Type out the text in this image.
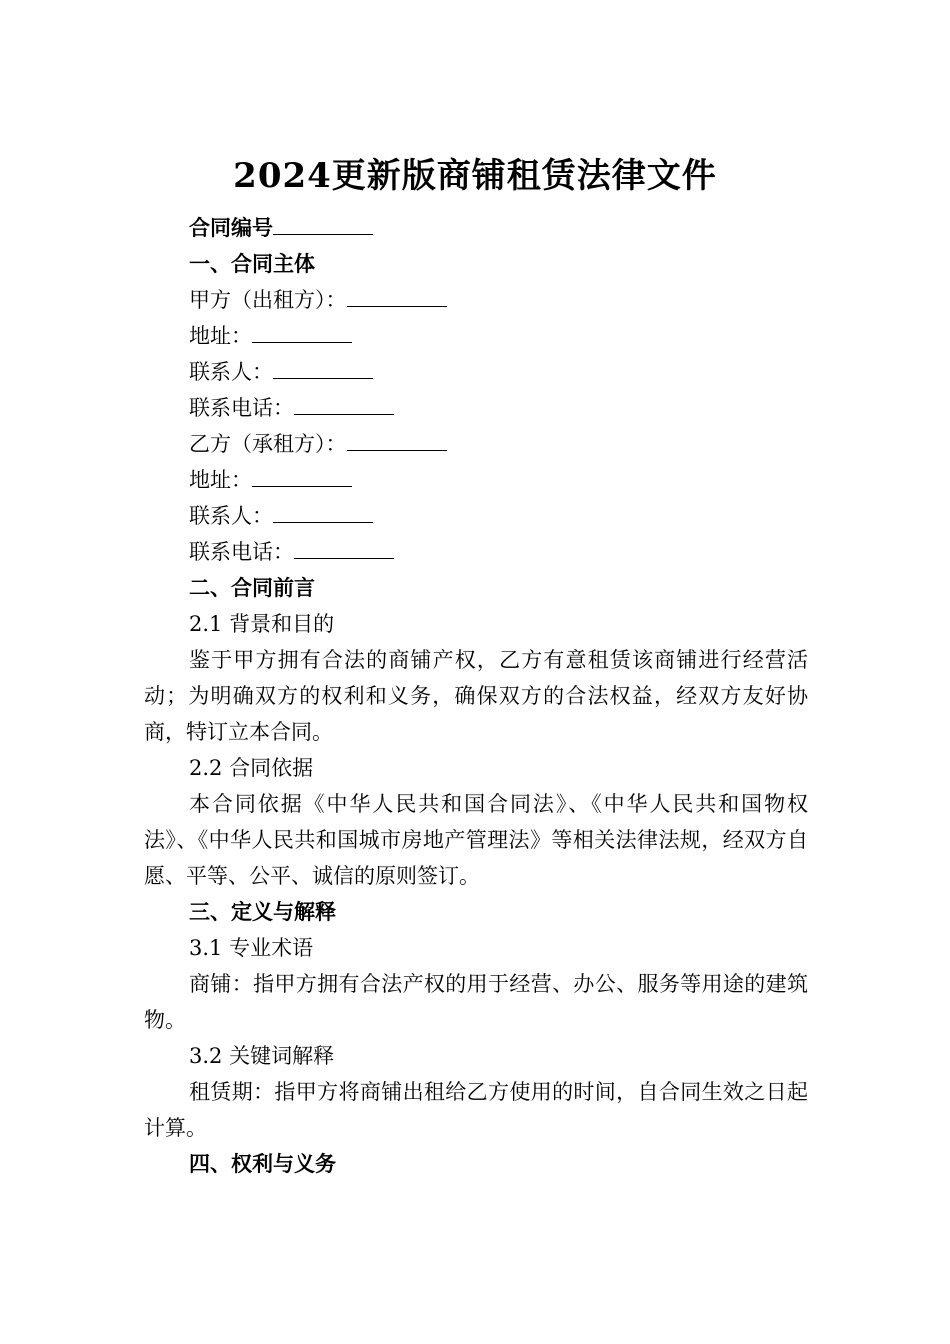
2024更新版商铺租赁法律文件
合同编号
一、合同主体
甲方（出租方）：
地址：
联系人：
联系电话：
乙方（承租方）：
地址：
联系人：
联系电话：
二、合同前言
2.1 背景和目的
鉴于甲方拥有合法的商铺产权，乙方有意租赁该商铺进行经营活动；为明确双方的权利和义务，确保双方的合法权益，经双方友好协商，特订立本合同。
2.2 合同依据
本合同依据《中华人民共和国合同法》、《中华人民共和国物权法》、《中华人民共和国城市房地产管理法》等相关法律法规，经双方自愿、平等、公平、诚信的原则签订。
三、定义与解释
3.1 专业术语
商铺：指甲方拥有合法产权的用于经营、办公、服务等用途的建筑物。
3.2 关键词解释
租赁期：指甲方将商铺出租给乙方使用的时间，自合同生效之日起计算。
四、权利与义务
